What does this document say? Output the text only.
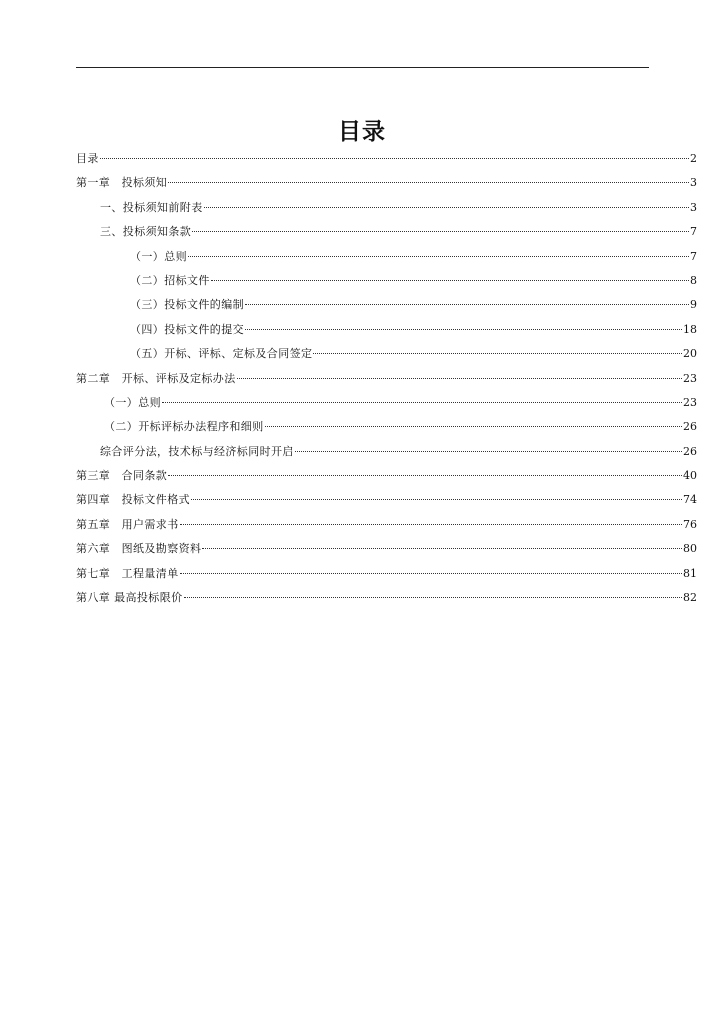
目录
目录	2
第一章　投标须知	3
一、投标须知前附表	3
三、投标须知条款	7
（一）总则	7
（二）招标文件	8
（三）投标文件的编制	9
（四）投标文件的提交	18
（五）开标、评标、定标及合同签定	20
第二章　开标、评标及定标办法	23
（一）总则	23
（二）开标评标办法程序和细则	26
综合评分法，技术标与经济标同时开启	26
第三章　合同条款	40
第四章　投标文件格式	74
第五章　用户需求书	76
第六章　图纸及勘察资料	80
第七章　工程量清单	81
第八章 最高投标限价	82
